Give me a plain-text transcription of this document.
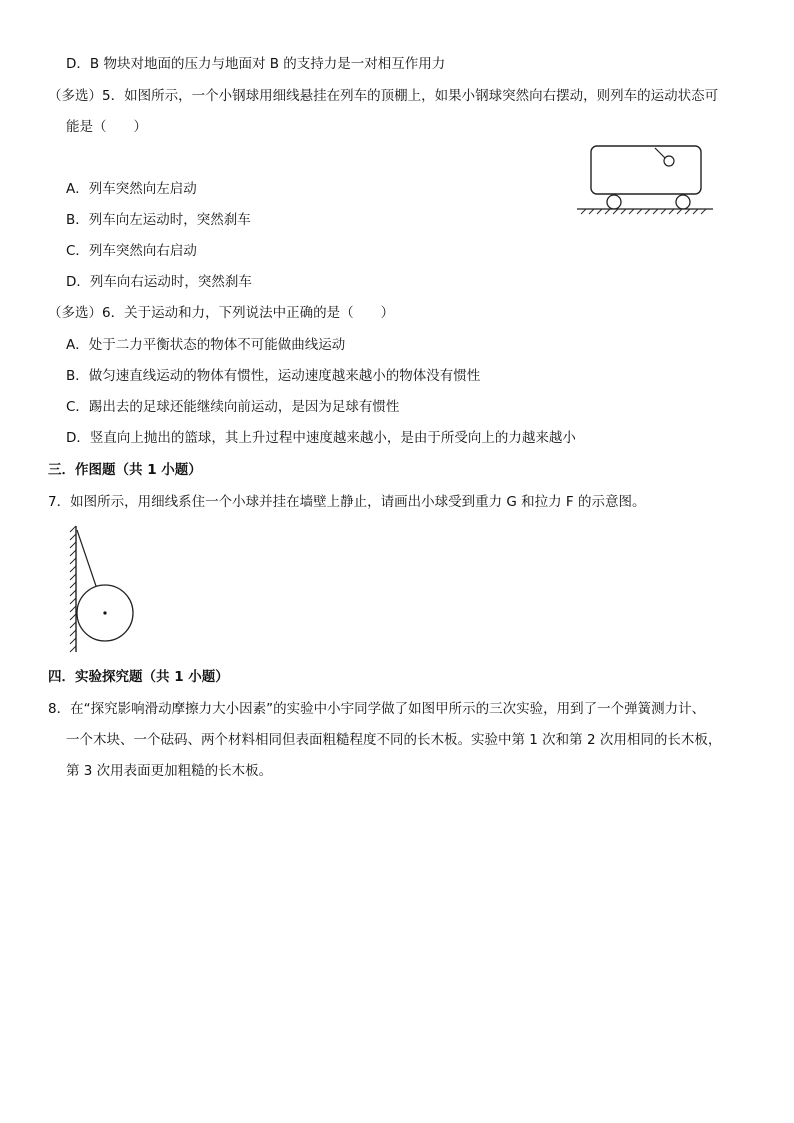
D．B 物块对地面的压力与地面对 B 的支持力是一对相互作用力
（多选）5．如图所示，一个小钢球用细线悬挂在列车的顶棚上，如果小钢球突然向右摆动，则列车的运动状态可
能是（　　）
A．列车突然向左启动
B．列车向左运动时，突然刹车
C．列车突然向右启动
D．列车向右运动时，突然刹车
（多选）6．关于运动和力，下列说法中正确的是（　　）
A．处于二力平衡状态的物体不可能做曲线运动
B．做匀速直线运动的物体有惯性，运动速度越来越小的物体没有惯性
C．踢出去的足球还能继续向前运动，是因为足球有惯性
D．竖直向上抛出的篮球，其上升过程中速度越来越小，是由于所受向上的力越来越小
三．作图题（共 1 小题）
7．如图所示，用细线系住一个小球并挂在墙壁上静止，请画出小球受到重力 G 和拉力 F 的示意图。
四．实验探究题（共 1 小题）
8．在“探究影响滑动摩擦力大小因素”的实验中小宇同学做了如图甲所示的三次实验，用到了一个弹簧测力计、
一个木块、一个砝码、两个材料相同但表面粗糙程度不同的长木板。实验中第 1 次和第 2 次用相同的长木板，
第 3 次用表面更加粗糙的长木板。
